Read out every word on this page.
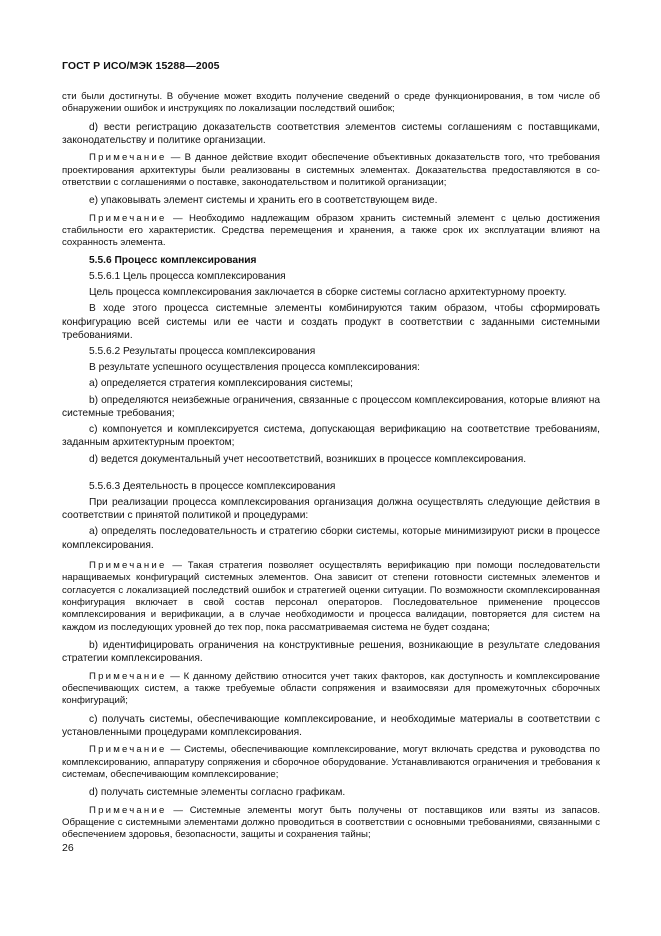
ГОСТ Р ИСО/МЭК 15288—2005

сти были достигнуты. В обучение может входить получение сведений о среде функционирования, в том числе об обнаружении ошибок и инструкциях по локализации последствий ошибок;

d) вести регистрацию доказательств соответствия элементов системы соглашениям с поставщиками, законодательству и политике организации.

Примечание — В данное действие входит обеспечение объективных доказательств того, что требования проектирования архитектуры были реализованы в системных элементах. Доказательства предоставляются в соответствии с соглашениями о поставке, законодательством и политикой организации;

e) упаковывать элемент системы и хранить его в соответствующем виде.

Примечание — Необходимо надлежащим образом хранить системный элемент с целью достижения стабильности его характеристик. Средства перемещения и хранения, а также срок их эксплуатации влияют на сохранность элемента.

5.5.6 Процесс комплексирования

5.5.6.1 Цель процесса комплексирования

Цель процесса комплексирования заключается в сборке системы согласно архитектурному проекту.

В ходе этого процесса системные элементы комбинируются таким образом, чтобы сформировать конфигурацию всей системы или ее части и создать продукт в соответствии с заданными системными требованиями.

5.5.6.2 Результаты процесса комплексирования

В результате успешного осуществления процесса комплексирования:

a) определяется стратегия комплексирования системы;

b) определяются неизбежные ограничения, связанные с процессом комплексирования, которые влияют на системные требования;

c) компонуется и комплексируется система, допускающая верификацию на соответствие требованиям, заданным архитектурным проектом;

d) ведется документальный учет несоответствий, возникших в процессе комплексирования.

5.5.6.3 Деятельность в процессе комплексирования

При реализации процесса комплексирования организация должна осуществлять следующие действия в соответствии с принятой политикой и процедурами:

a) определять последовательность и стратегию сборки системы, которые минимизируют риски в процессе комплексирования.

Примечание — Такая стратегия позволяет осуществлять верификацию при помощи последовательсти наращиваемых конфигураций системных элементов. Она зависит от степени готовности системных элементов и согласуется с локализацией последствий ошибок и стратегией оценки ситуации. По возможности скомплексированная конфигурация включает в свой состав персонал операторов. Последовательное применение процессов комплексирования и верификации, а в случае необходимости и процесса валидации, повторяется для систем на каждом из последующих уровней до тех пор, пока рассматриваемая система не будет создана;

b) идентифицировать ограничения на конструктивные решения, возникающие в результате следования стратегии комплексирования.

Примечание — К данному действию относится учет таких факторов, как доступность и комплексирование обеспечивающих систем, а также требуемые области сопряжения и взаимосвязи для промежуточных сборочных конфигураций;

c) получать системы, обеспечивающие комплексирование, и необходимые материалы в соответствии с установленными процедурами комплексирования.

Примечание — Системы, обеспечивающие комплексирование, могут включать средства и руководства по комплексированию, аппаратуру сопряжения и сборочное оборудование. Устанавливаются ограничения и требования к системам, обеспечивающим комплексирование;

d) получать системные элементы согласно графикам.

Примечание — Системные элементы могут быть получены от поставщиков или взяты из запасов. Обращение с системными элементами должно проводиться в соответствии с основными требованиями, связанными с обеспечением здоровья, безопасности, защиты и сохранения тайны;

26
